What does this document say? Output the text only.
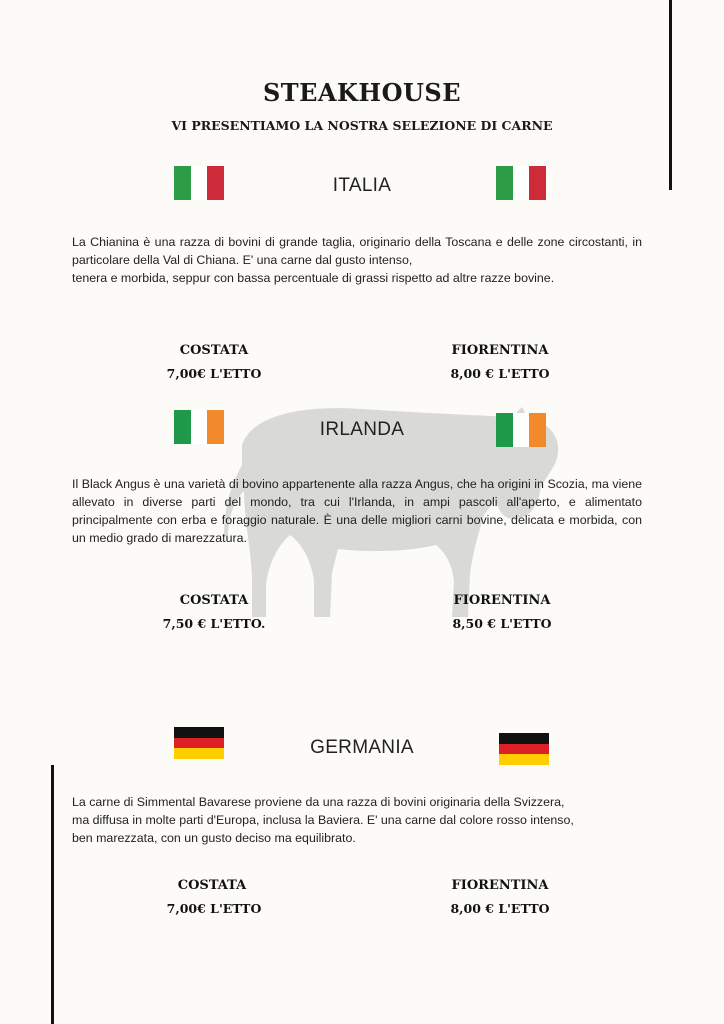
STEAKHOUSE
VI PRESENTIAMO LA NOSTRA SELEZIONE DI CARNE
ITALIA

La Chianina è una razza di bovini di grande taglia, originario della Toscana e delle zone circostanti, in particolare della Val di Chiana. E' una carne dal gusto intenso,

tenera e morbida, seppur con bassa percentuale di grassi rispetto ad altre razze bovine.

COSTATA
7,00€ L'ETTO
FIORENTINA
8,00 € L'ETTO
IRLANDA

Il Black Angus è una varietà di bovino appartenente alla razza Angus, che ha origini in Scozia, ma viene allevato in diverse parti del mondo, tra cui l'Irlanda, in ampi pascoli all'aperto, e alimentato principalmente con erba e foraggio naturale. È una delle migliori carni bovine, delicata e morbida, con un medio grado di marezzatura.

COSTATA
7,50 € L'ETTO.
FIORENTINA
8,50 € L'ETTO
GERMANIA

La carne di Simmental Bavarese proviene da una razza di bovini originaria della Svizzera,

ma diffusa in molte parti d'Europa, inclusa la Baviera. E' una carne dal colore rosso intenso,

ben marezzata, con un gusto deciso ma equilibrato.

COSTATA
7,00€ L'ETTO
FIORENTINA
8,00 € L'ETTO
